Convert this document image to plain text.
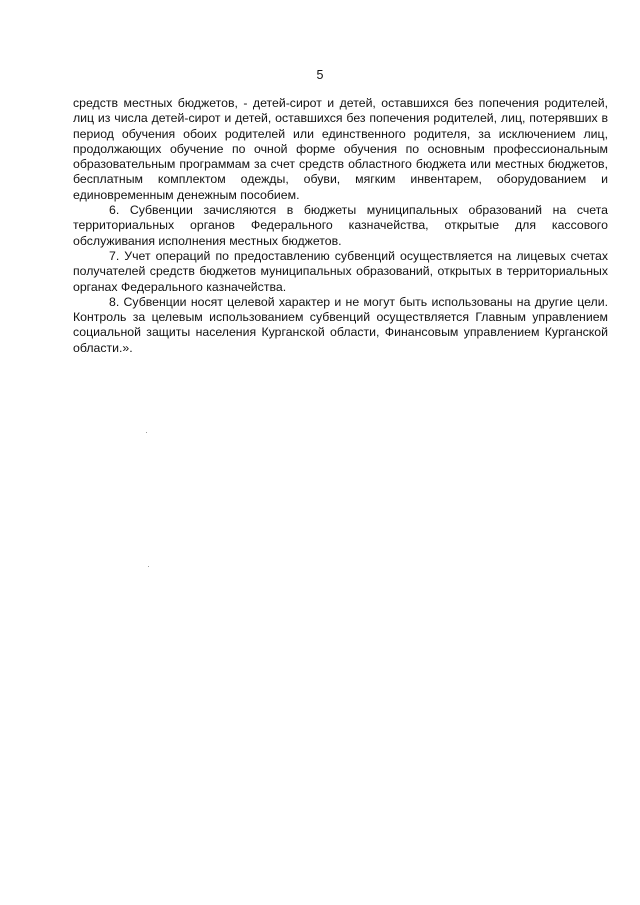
5

средств местных бюджетов, - детей-сирот и детей, оставшихся без попечения родителей, лиц из числа детей-сирот и детей, оставшихся без попечения родителей, лиц, потерявших в период обучения обоих родителей или единственного родителя, за исключением лиц, продолжающих обучение по очной форме обучения по основным профессиональным образовательным программам за счет средств областного бюджета или местных бюджетов, бесплатным комплектом одежды, обуви, мягким инвентарем, оборудованием и единовременным денежным пособием.

6. Субвенции зачисляются в бюджеты муниципальных образований на счета территориальных органов Федерального казначейства, открытые для кассового обслуживания исполнения местных бюджетов.

7. Учет операций по предоставлению субвенций осуществляется на лицевых счетах получателей средств бюджетов муниципальных образований, открытых в территориальных органах Федерального казначейства.

8. Субвенции носят целевой характер и не могут быть использованы на другие цели. Контроль за целевым использованием субвенций осуществляется Главным управлением социальной защиты населения Курганской области, Финансовым управлением Курганской области.».
